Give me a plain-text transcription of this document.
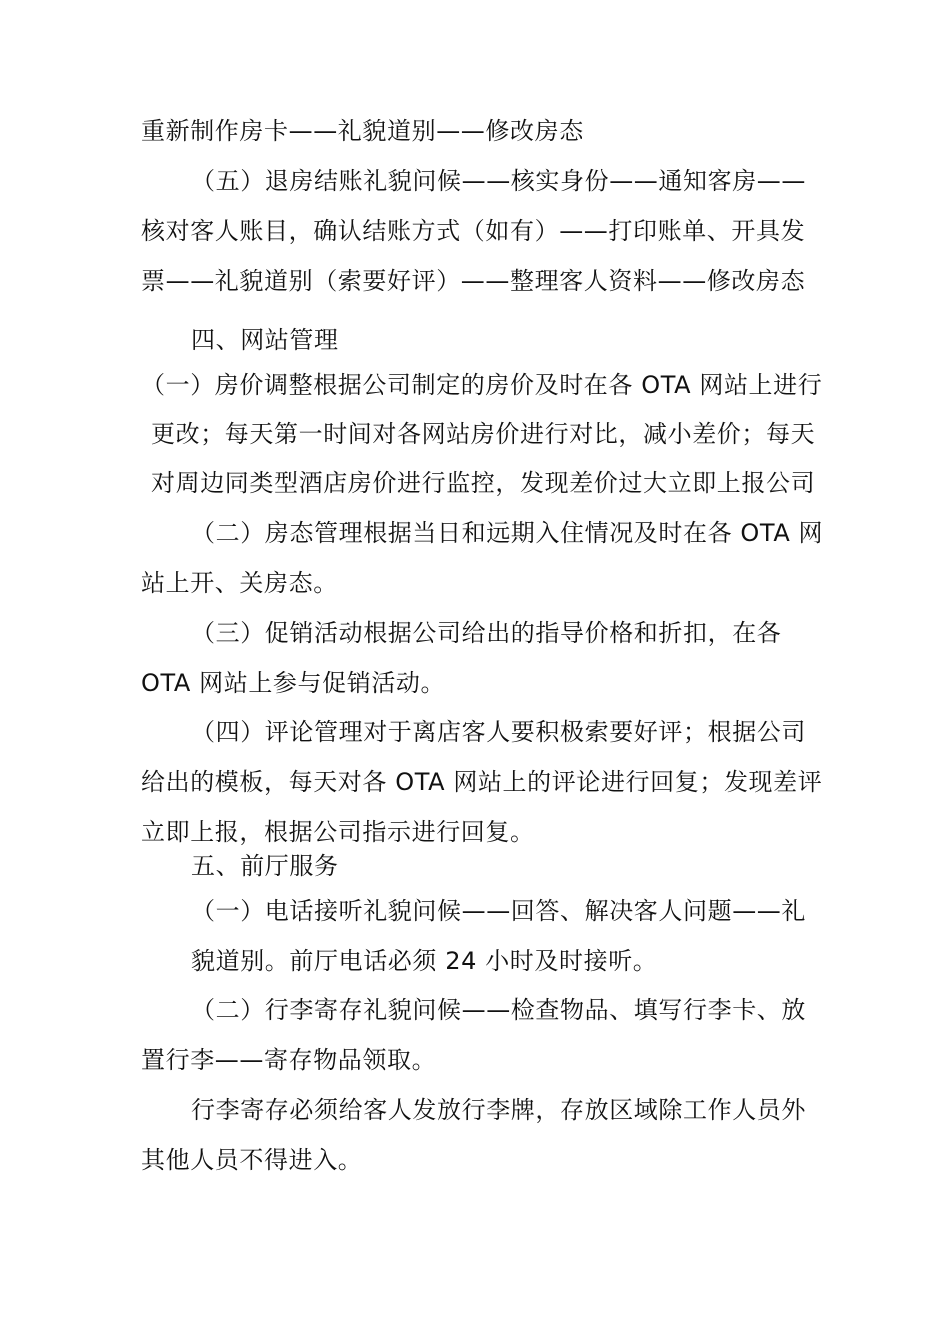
重新制作房卡——礼貌道别——修改房态
（五）退房结账礼貌问候——核实身份——通知客房——
核对客人账目，确认结账方式（如有）——打印账单、开具发
票——礼貌道别（索要好评）——整理客人资料——修改房态
四、网站管理
（一）房价调整根据公司制定的房价及时在各 OTA 网站上进行
更改；每天第一时间对各网站房价进行对比，减小差价；每天
对周边同类型酒店房价进行监控，发现差价过大立即上报公司
（二）房态管理根据当日和远期入住情况及时在各 OTA 网
站上开、关房态。
（三）促销活动根据公司给出的指导价格和折扣，在各
OTA 网站上参与促销活动。
（四）评论管理对于离店客人要积极索要好评；根据公司
给出的模板，每天对各 OTA 网站上的评论进行回复；发现差评
立即上报，根据公司指示进行回复。
五、前厅服务
（一）电话接听礼貌问候——回答、解决客人问题——礼
貌道别。前厅电话必须 24 小时及时接听。
（二）行李寄存礼貌问候——检查物品、填写行李卡、放
置行李——寄存物品领取。
行李寄存必须给客人发放行李牌，存放区域除工作人员外
其他人员不得进入。
